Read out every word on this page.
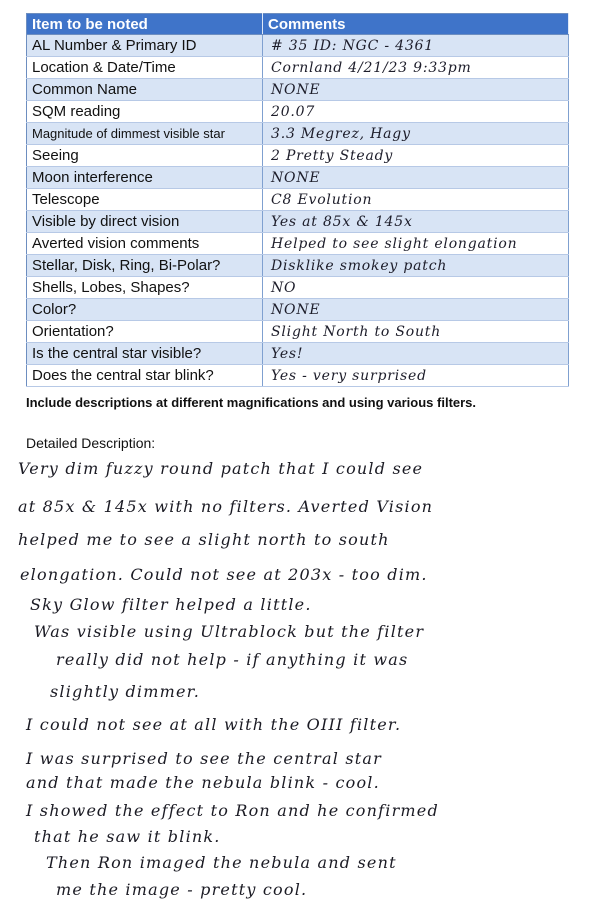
Item to be noted	Comments
AL Number & Primary ID	# 35 ID: NGC - 4361
Location & Date/Time	Cornland 4/21/23 9:33pm
Common Name	NONE
SQM reading	20.07
Magnitude of dimmest visible star	3.3 Megrez, Hagy
Seeing	2 Pretty Steady
Moon interference	NONE
Telescope	C8 Evolution
Visible by direct vision	Yes at 85x & 145x
Averted vision comments	Helped to see slight elongation
Stellar, Disk, Ring, Bi-Polar?	Disklike smokey patch
Shells, Lobes, Shapes?	NO
Color?	NONE
Orientation?	Slight North to South
Is the central star visible?	Yes!
Does the central star blink?	Yes - very surprised
Include descriptions at different magnifications and using various filters.
Detailed Description:
Very dim fuzzy round patch that I could see
at 85x & 145x with no filters. Averted Vision
helped me to see a slight north to south
elongation. Could not see at 203x - too dim.
Sky Glow filter helped a little.
Was visible using Ultrablock but the filter
really did not help - if anything it was
slightly dimmer.
I could not see at all with the OIII filter.
I was surprised to see the central star
and that made the nebula blink - cool.
I showed the effect to Ron and he confirmed
that he saw it blink.
Then Ron imaged the nebula and sent
me the image - pretty cool.
